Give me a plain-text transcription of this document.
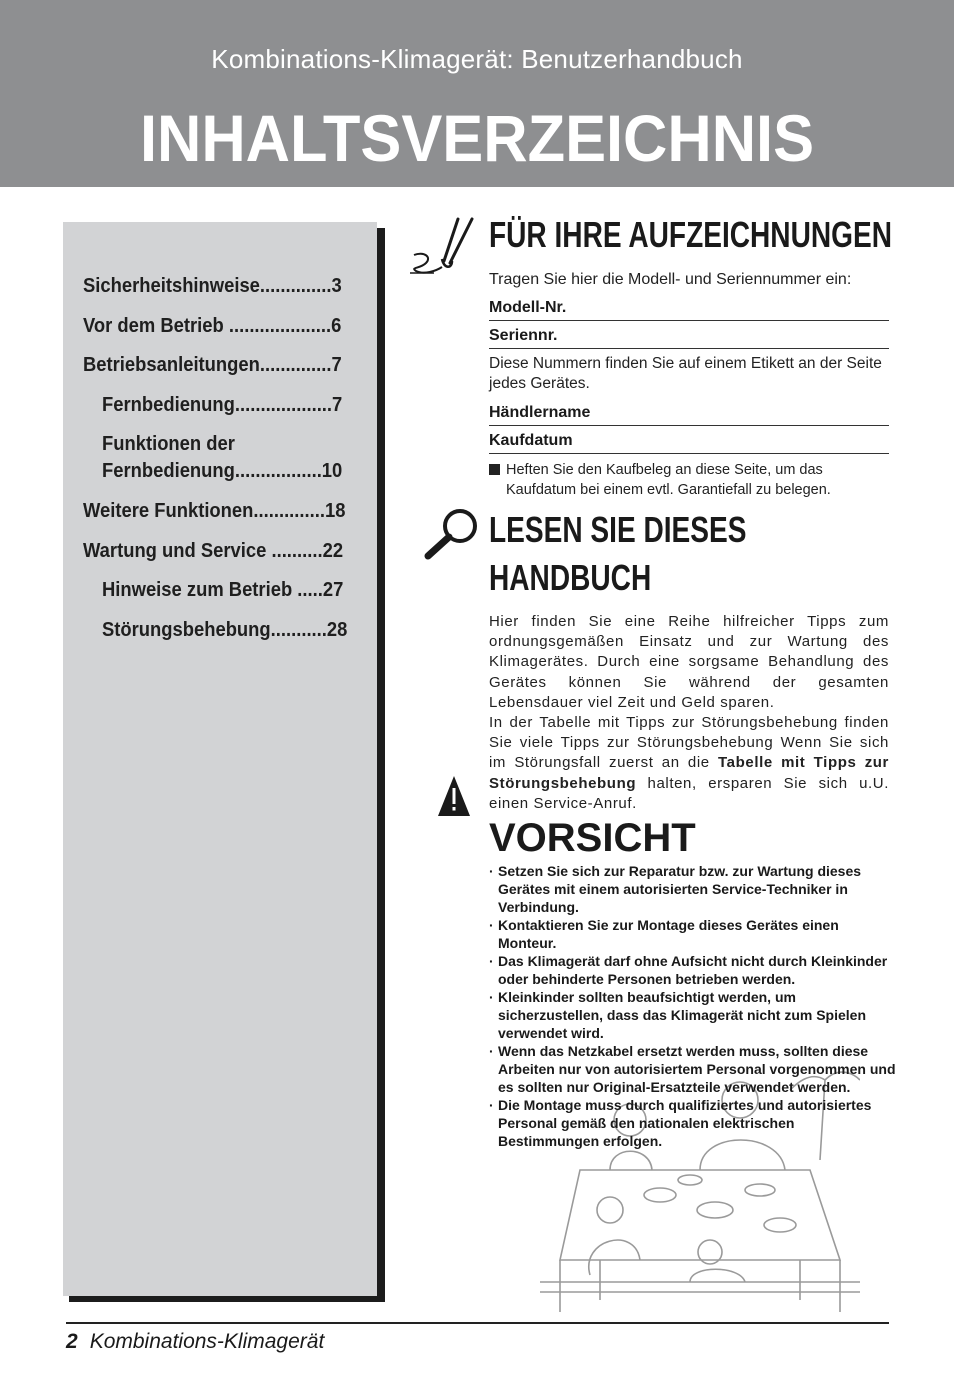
Kombinations-Klimagerät: Benutzerhandbuch
INHALTSVERZEICHNIS
Sicherheitshinweise..............3
Vor dem Betrieb ....................6
Betriebsanleitungen..............7
Fernbedienung...................7
Funktionen der
Fernbedienung.................10
Weitere Funktionen..............18
Wartung und Service ..........22
Hinweise zum Betrieb .....27
Störungsbehebung...........28
FÜR IHRE AUFZEICHNUNGEN
Tragen Sie hier die Modell- und Seriennummer ein:
Modell-Nr.
Seriennr.
Diese Nummern finden Sie auf einem Etikett an der Seite jedes Gerätes.
Händlername
Kaufdatum
Heften Sie den Kaufbeleg an diese Seite, um das Kaufdatum bei einem evtl. Garantiefall zu belegen.
LESEN SIE DIESES
HANDBUCH
Hier finden Sie eine Reihe hilfreicher Tipps zum ordnungsgemäßen Einsatz und zur Wartung des Klimagerätes. Durch eine sorgsame Behandlung des Gerätes können Sie während der gesamten Lebensdauer viel Zeit und Geld sparen.
In der Tabelle mit Tipps zur Störungsbehebung finden Sie viele Tipps zur Störungsbehebung Wenn Sie sich im Störungsfall zuerst an die Tabelle mit Tipps zur Störungsbehebung halten, ersparen Sie sich u.U. einen Service-Anruf.
VORSICHT
· Setzen Sie sich zur Reparatur bzw. zur Wartung dieses Gerätes mit einem autorisierten Service-Techniker in Verbindung.
· Kontaktieren Sie zur Montage dieses Gerätes einen Monteur.
· Das Klimagerät darf ohne Aufsicht nicht durch Kleinkinder oder behinderte Personen betrieben werden.
· Kleinkinder sollten beaufsichtigt werden, um sicherzustellen, dass das Klimagerät nicht zum Spielen verwendet wird.
· Wenn das Netzkabel ersetzt werden muss, sollten diese Arbeiten nur von autorisiertem Personal vorgenommen und es sollten nur Original-Ersatzteile verwendet werden.
· Die Montage muss durch qualifiziertes und autorisiertes Personal gemäß den nationalen elektrischen Bestimmungen erfolgen.
2 Kombinations-Klimagerät
